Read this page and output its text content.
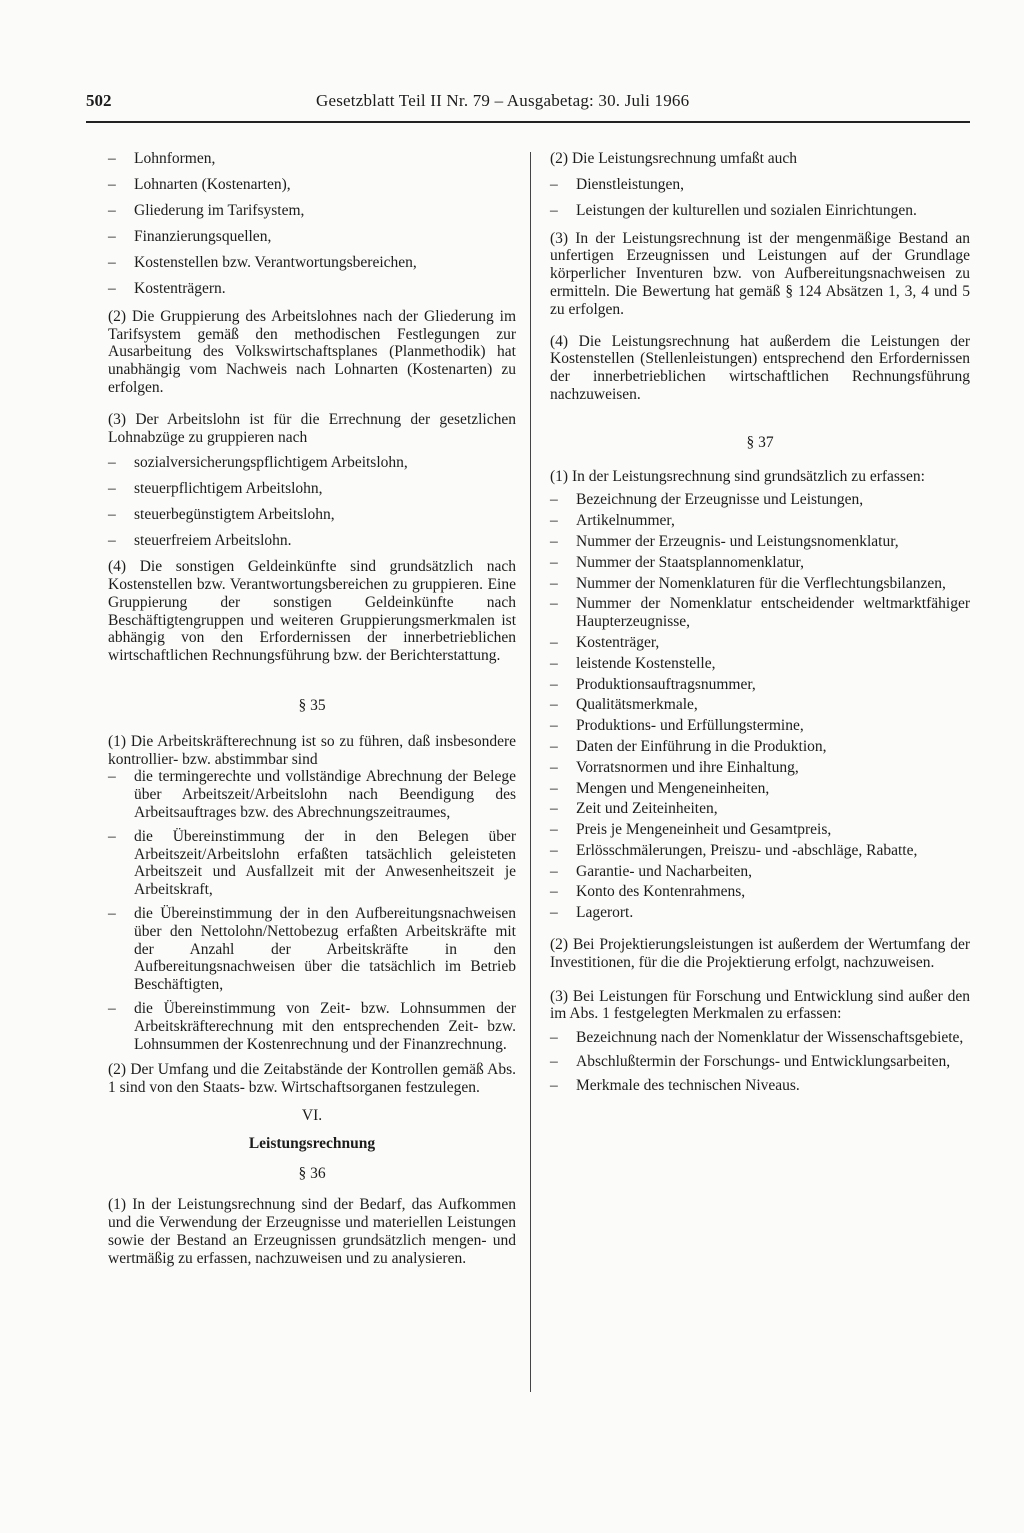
502	Gesetzblatt Teil II Nr. 79 – Ausgabetag: 30. Juli 1966
– Lohnformen,
– Lohnarten (Kostenarten),
– Gliederung im Tarifsystem,
– Finanzierungsquellen,
– Kostenstellen bzw. Verantwortungsbereichen,
– Kostenträgern.

(2) Die Gruppierung des Arbeitslohnes nach der Gliederung im Tarifsystem gemäß den methodischen Festlegungen zur Ausarbeitung des Volkswirtschaftsplanes (Planmethodik) hat unabhängig vom Nachweis nach Lohnarten (Kostenarten) zu erfolgen.

(3) Der Arbeitslohn ist für die Errechnung der gesetzlichen Lohnabzüge zu gruppieren nach

– sozialversicherungspflichtigem Arbeitslohn,
– steuerpflichtigem Arbeitslohn,
– steuerbegünstigtem Arbeitslohn,
– steuerfreiem Arbeitslohn.

(4) Die sonstigen Geldeinkünfte sind grundsätzlich nach Kostenstellen bzw. Verantwortungsbereichen zu gruppieren. Eine Gruppierung der sonstigen Geldeinkünfte nach Beschäftigtengruppen und weiteren Gruppierungsmerkmalen ist abhängig von den Erfordernissen der innerbetrieblichen wirtschaftlichen Rechnungsführung bzw. der Berichterstattung.

§ 35

(1) Die Arbeitskräfterechnung ist so zu führen, daß insbesondere kontrollier- bzw. abstimmbar sind

– die termingerechte und vollständige Abrechnung der Belege über Arbeitszeit/Arbeitslohn nach Beendigung des Arbeitsauftrages bzw. des Abrechnungszeitraumes,
– die Übereinstimmung der in den Belegen über Arbeitszeit/Arbeitslohn erfaßten tatsächlich geleisteten Arbeitszeit und Ausfallzeit mit der Anwesenheitszeit je Arbeitskraft,
– die Übereinstimmung der in den Aufbereitungsnachweisen über den Nettolohn/Nettobezug erfaßten Arbeitskräfte mit der Anzahl der Arbeitskräfte in den Aufbereitungsnachweisen über die tatsächlich im Betrieb Beschäftigten,
– die Übereinstimmung von Zeit- bzw. Lohnsummen der Arbeitskräfterechnung mit den entsprechenden Zeit- bzw. Lohnsummen der Kostenrechnung und der Finanzrechnung.

(2) Der Umfang und die Zeitabstände der Kontrollen gemäß Abs. 1 sind von den Staats- bzw. Wirtschaftsorganen festzulegen.

VI.

Leistungsrechnung

§ 36

(1) In der Leistungsrechnung sind der Bedarf, das Aufkommen und die Verwendung der Erzeugnisse und materiellen Leistungen sowie der Bestand an Erzeugnissen grundsätzlich mengen- und wertmäßig zu erfassen, nachzuweisen und zu analysieren.

(2) Die Leistungsrechnung umfaßt auch

– Dienstleistungen,
– Leistungen der kulturellen und sozialen Einrichtungen.

(3) In der Leistungsrechnung ist der mengenmäßige Bestand an unfertigen Erzeugnissen und Leistungen auf der Grundlage körperlicher Inventuren bzw. von Aufbereitungsnachweisen zu ermitteln. Die Bewertung hat gemäß § 124 Absätzen 1, 3, 4 und 5 zu erfolgen.

(4) Die Leistungsrechnung hat außerdem die Leistungen der Kostenstellen (Stellenleistungen) entsprechend den Erfordernissen der innerbetrieblichen wirtschaftlichen Rechnungsführung nachzuweisen.

§ 37

(1) In der Leistungsrechnung sind grundsätzlich zu erfassen:

– Bezeichnung der Erzeugnisse und Leistungen,
– Artikelnummer,
– Nummer der Erzeugnis- und Leistungsnomenklatur,
– Nummer der Staatsplannomenklatur,
– Nummer der Nomenklaturen für die Verflechtungsbilanzen,
– Nummer der Nomenklatur entscheidender weltmarktfähiger Haupterzeugnisse,
– Kostenträger,
– leistende Kostenstelle,
– Produktionsauftragsnummer,
– Qualitätsmerkmale,
– Produktions- und Erfüllungstermine,
– Daten der Einführung in die Produktion,
– Vorratsnormen und ihre Einhaltung,
– Mengen und Mengeneinheiten,
– Zeit und Zeiteinheiten,
– Preis je Mengeneinheit und Gesamtpreis,
– Erlösschmälerungen, Preiszu- und -abschläge, Rabatte,
– Garantie- und Nacharbeiten,
– Konto des Kontenrahmens,
– Lagerort.

(2) Bei Projektierungsleistungen ist außerdem der Wertumfang der Investitionen, für die die Projektierung erfolgt, nachzuweisen.

(3) Bei Leistungen für Forschung und Entwicklung sind außer den im Abs. 1 festgelegten Merkmalen zu erfassen:

– Bezeichnung nach der Nomenklatur der Wissenschaftsgebiete,
– Abschlußtermin der Forschungs- und Entwicklungsarbeiten,
– Merkmale des technischen Niveaus.
